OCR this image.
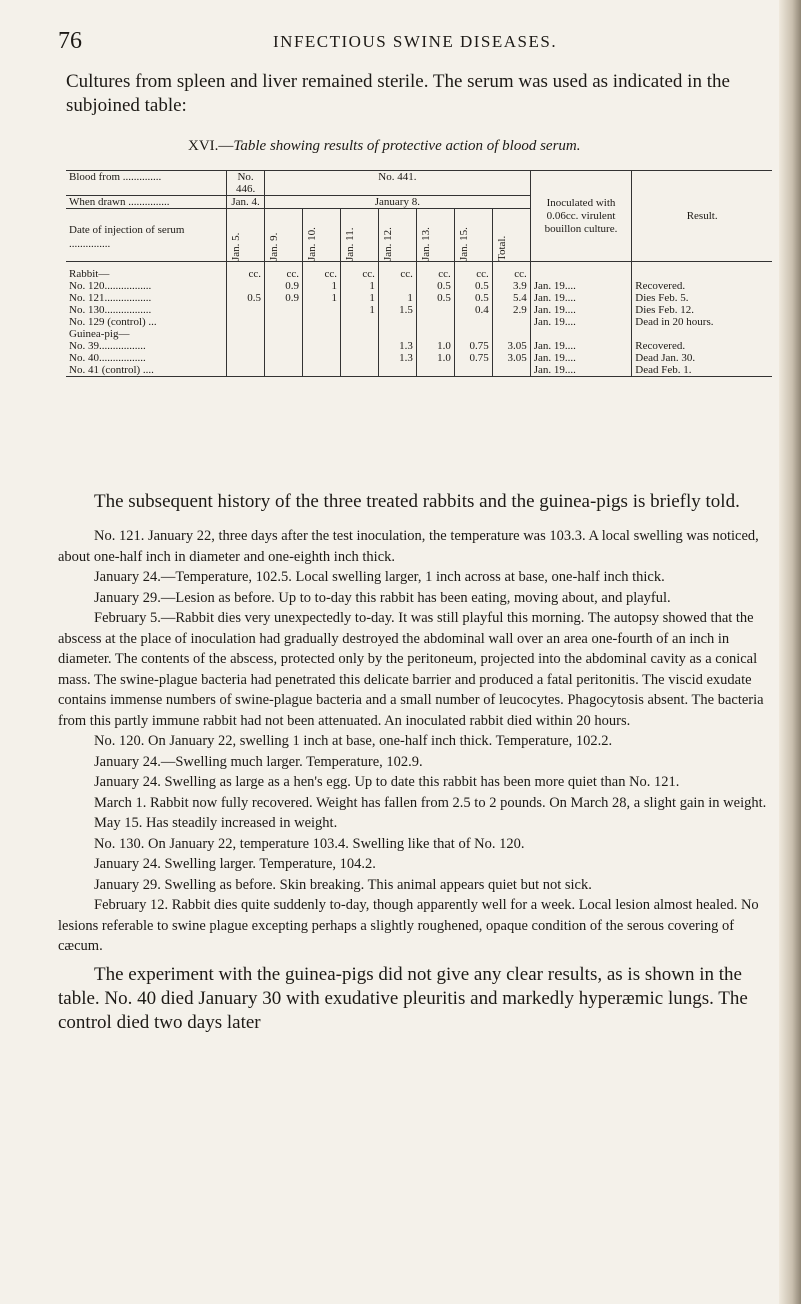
76	INFECTIOUS SWINE DISEASES.
Cultures from spleen and liver remained sterile. The serum was used as indicated in the subjoined table:
XVI.—Table showing results of protective action of blood serum.
Blood from ..............	No. 446.	No. 441.							Inoculated with 0.06cc. virulent bouillon culture.	Result.
When drawn ...............	Jan. 4.	January 8.								
Date of injection of serum ...............	Jan. 5.	Jan. 9.	Jan. 10.	Jan. 11.	Jan. 12.	Jan. 13.	Jan. 15.	Total.		

Rabbit—	cc.	cc.	cc.	cc.	cc.	cc.	cc.	cc.		
No. 120.................		0.9	1	1		0.5	0.5	3.9	Jan. 19....	Recovered.
No. 121.................	0.5	0.9	1	1	1	0.5	0.5	5.4	Jan. 19....	Dies Feb. 5.
No. 130.................				1	1.5		0.4	2.9	Jan. 19....	Dies Feb. 12.
No. 129 (control) ...									Jan. 19....	Dead in 20 hours.
Guinea-pig—										
No. 39.................					1.3	1.0	0.75	3.05	Jan. 19....	Recovered.
No. 40.................					1.3	1.0	0.75	3.05	Jan. 19....	Dead Jan. 30.
No. 41 (control) ....									Jan. 19....	Dead Feb. 1.

The subsequent history of the three treated rabbits and the guinea-pigs is briefly told.

No. 121. January 22, three days after the test inoculation, the temperature was 103.3. A local swelling was noticed, about one-half inch in diameter and one-eighth inch thick.

January 24.—Temperature, 102.5. Local swelling larger, 1 inch across at base, one-half inch thick.

January 29.—Lesion as before. Up to to-day this rabbit has been eating, moving about, and playful.

February 5.—Rabbit dies very unexpectedly to-day. It was still playful this morning. The autopsy showed that the abscess at the place of inoculation had gradually destroyed the abdominal wall over an area one-fourth of an inch in diameter. The contents of the abscess, protected only by the peritoneum, projected into the abdominal cavity as a conical mass. The swine-plague bacteria had penetrated this delicate barrier and produced a fatal peritonitis. The viscid exudate contains immense numbers of swine-plague bacteria and a small number of leucocytes. Phagocytosis absent. The bacteria from this partly immune rabbit had not been attenuated. An inoculated rabbit died within 20 hours.

No. 120. On January 22, swelling 1 inch at base, one-half inch thick. Temperature, 102.2.

January 24.—Swelling much larger. Temperature, 102.9.

January 24. Swelling as large as a hen's egg. Up to date this rabbit has been more quiet than No. 121.

March 1. Rabbit now fully recovered. Weight has fallen from 2.5 to 2 pounds. On March 28, a slight gain in weight.

May 15. Has steadily increased in weight.

No. 130. On January 22, temperature 103.4. Swelling like that of No. 120.

January 24. Swelling larger. Temperature, 104.2.

January 29. Swelling as before. Skin breaking. This animal appears quiet but not sick.

February 12. Rabbit dies quite suddenly to-day, though apparently well for a week. Local lesion almost healed. No lesions referable to swine plague excepting perhaps a slightly roughened, opaque condition of the serous covering of cæcum.

The experiment with the guinea-pigs did not give any clear results, as is shown in the table. No. 40 died January 30 with exudative pleuritis and markedly hyperæmic lungs. The control died two days later
